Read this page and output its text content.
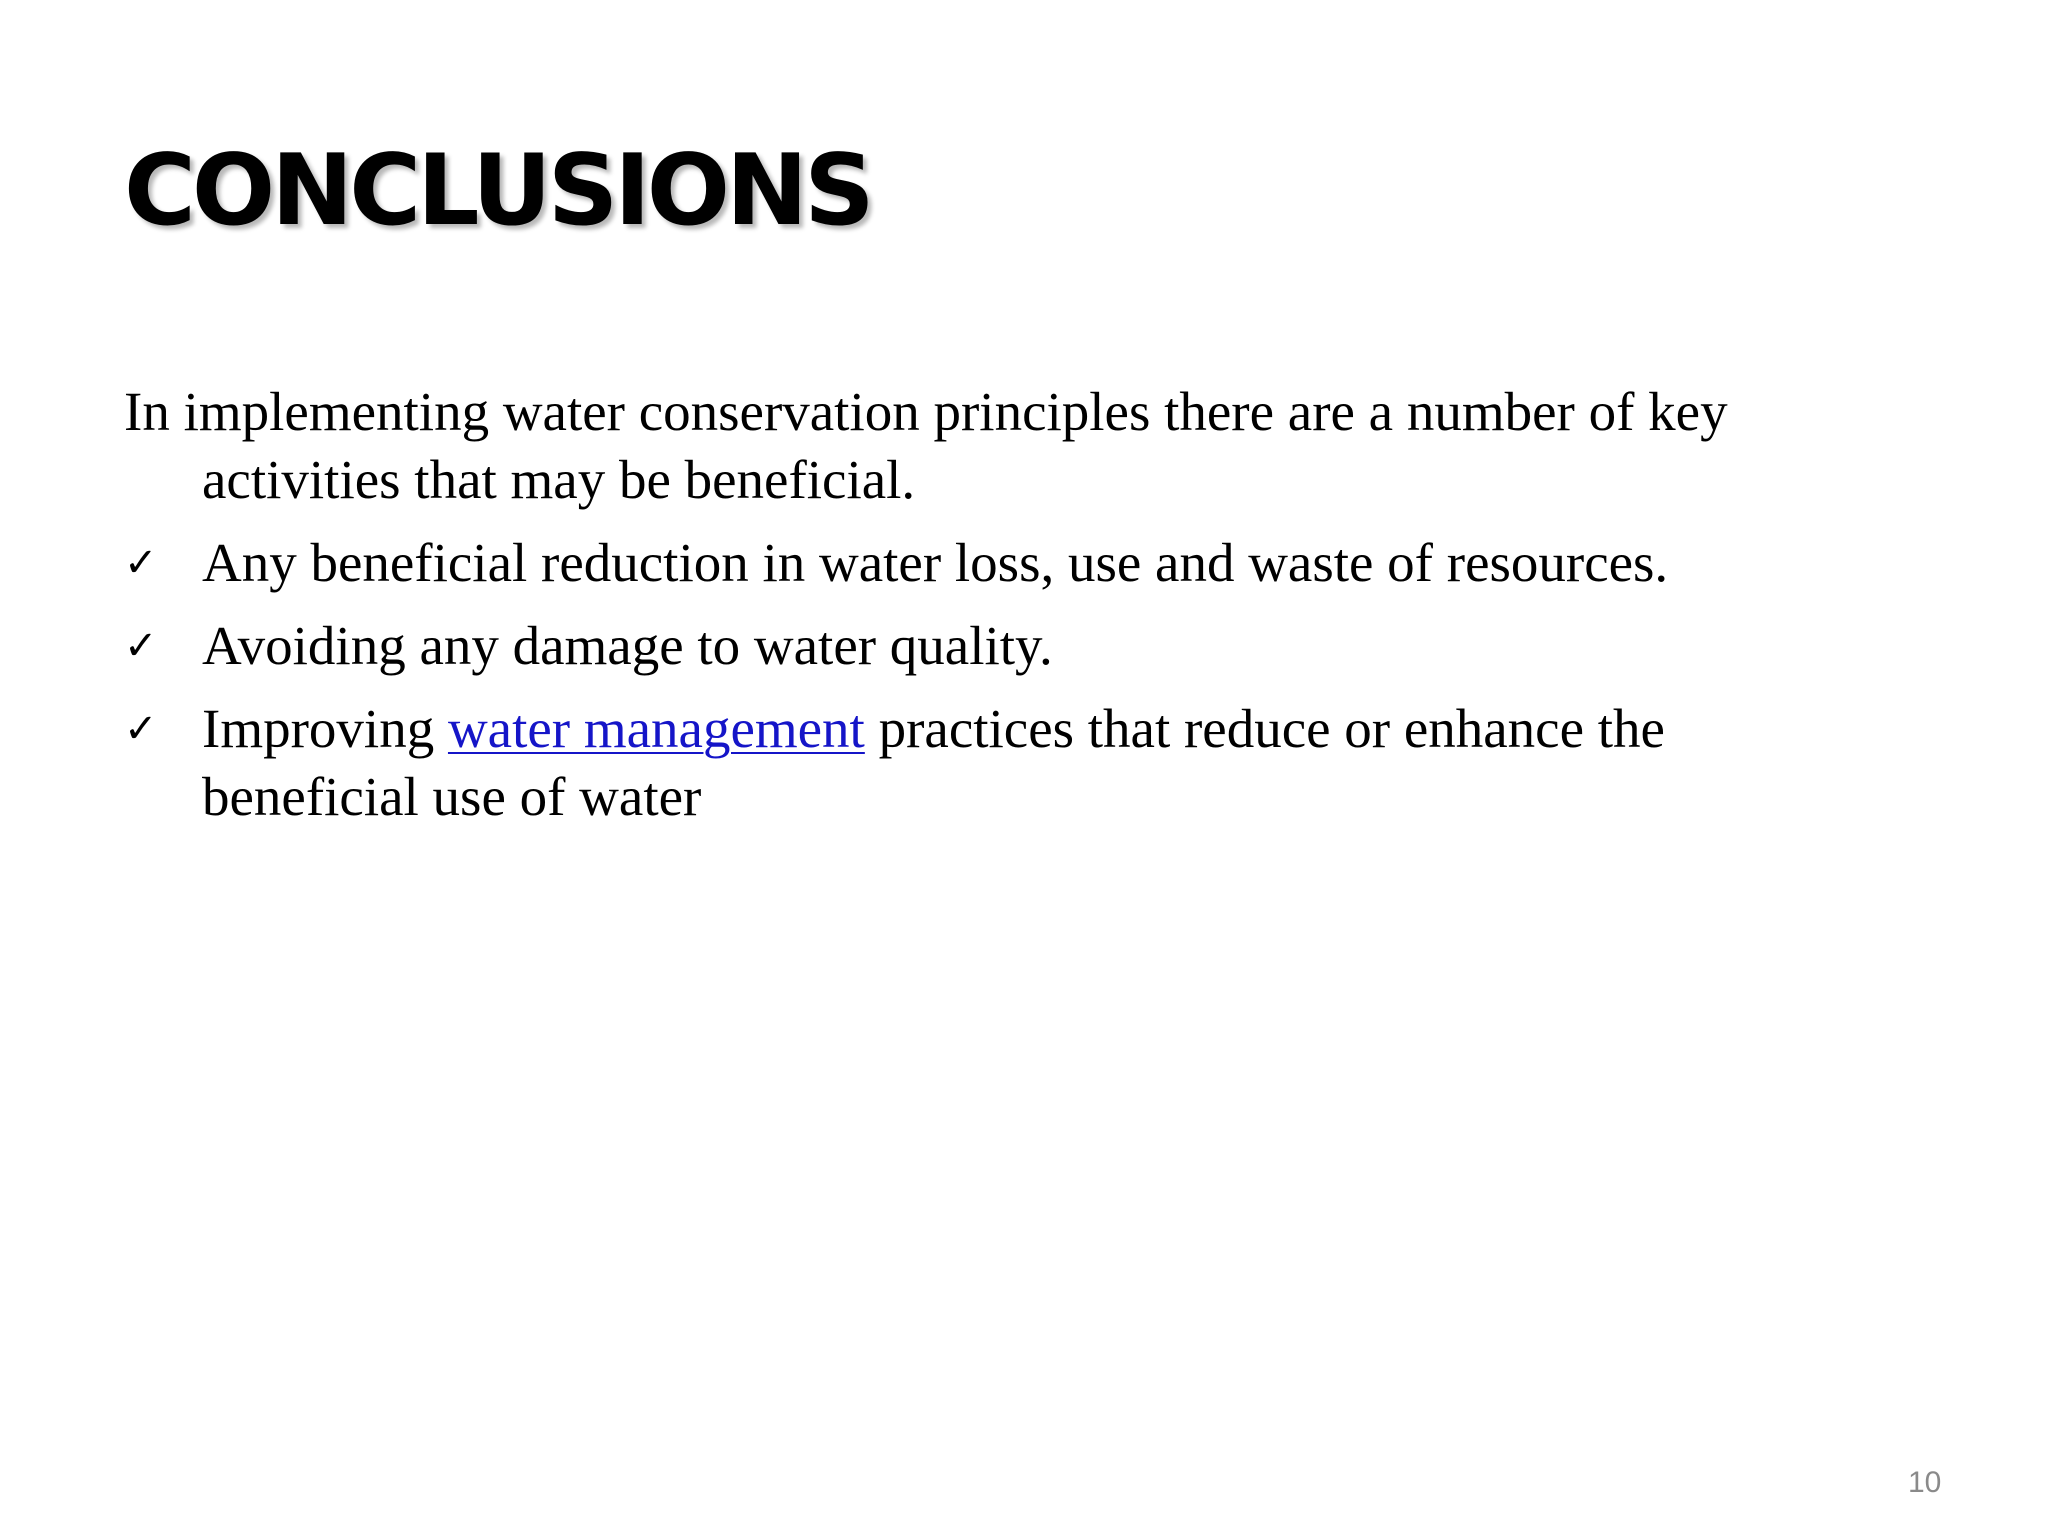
CONCLUSIONS

In implementing water conservation principles there are a number of key activities that may be beneficial.

✓ Any beneficial reduction in water loss, use and waste of resources.
✓ Avoiding any damage to water quality.
✓ Improving water management practices that reduce or enhance the beneficial use of water
10
